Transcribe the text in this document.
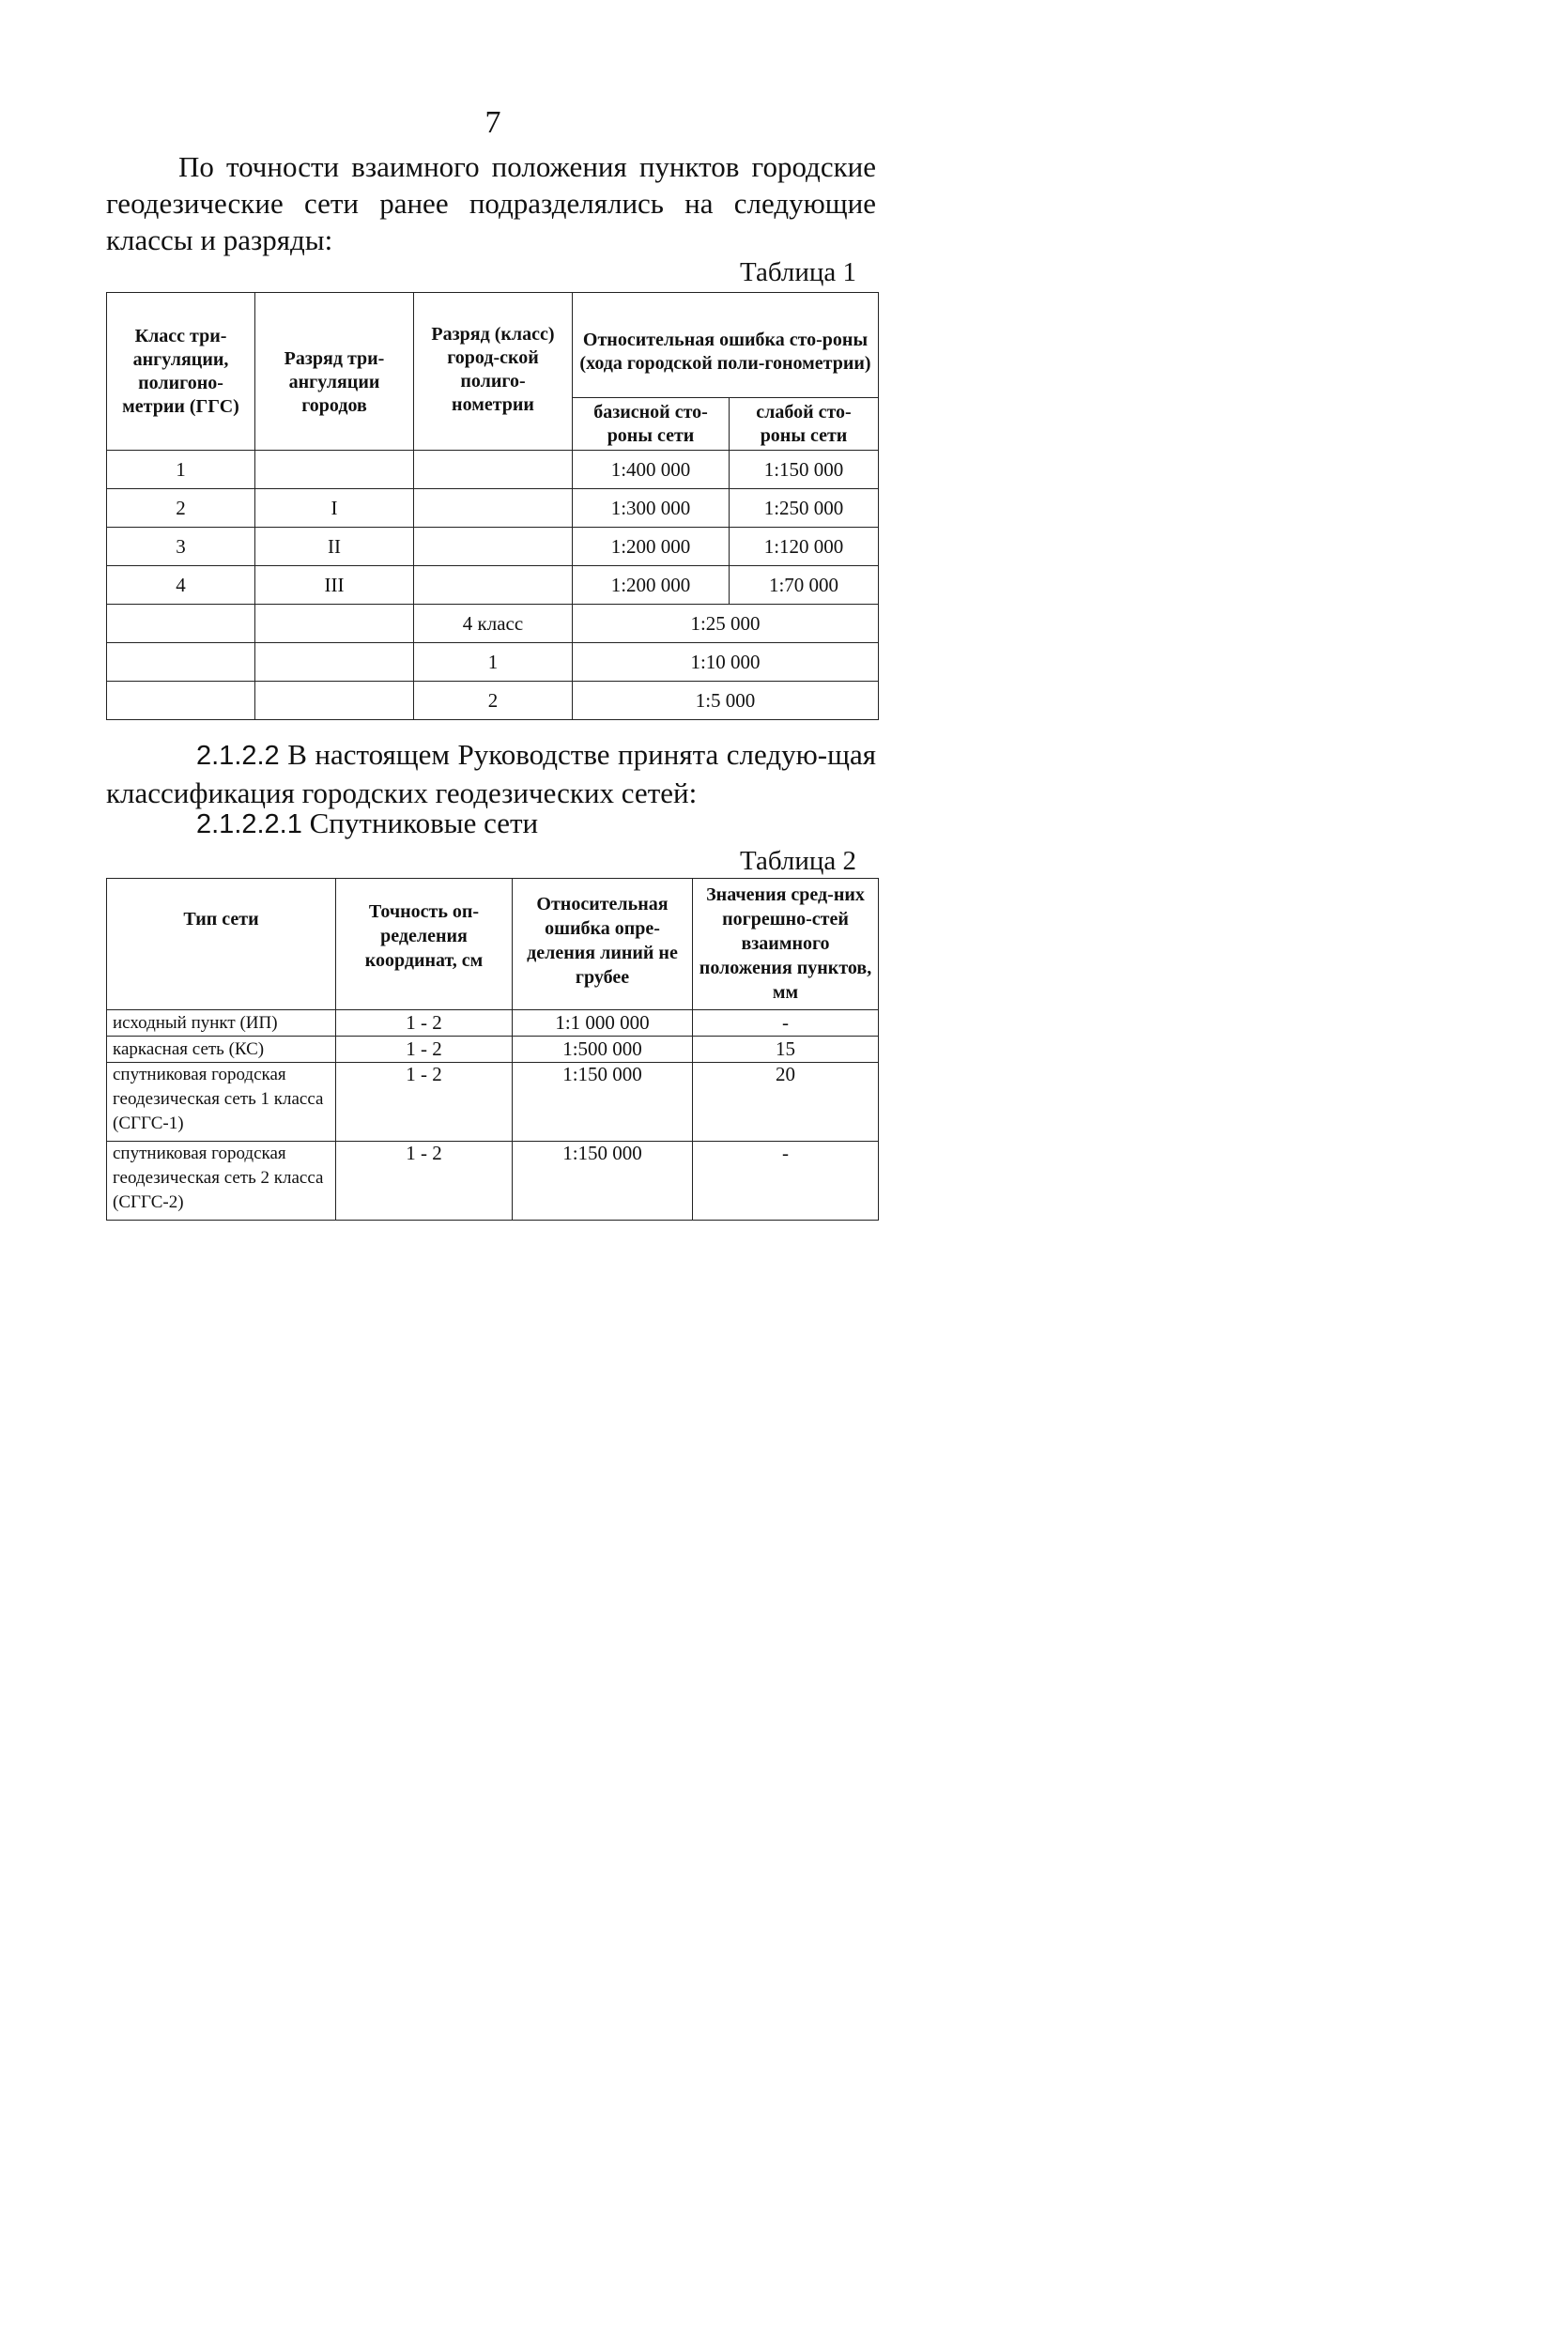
7
По точности взаимного положения пунктов городские геодезические сети ранее подразделялись на следующие классы и разряды:
Таблица 1
Класс три-ангуляции, полигоно-метрии (ГГС)	Разряд три-ангуляции городов	Разряд (класс) город-ской полиго-нометрии	Относительная ошибка сто-роны (хода городской поли-гонометрии)	
			базисной сто-роны сети	слабой сто-роны сети
1			1:400 000	1:150 000
2	I		1:300 000	1:250 000
3	II		1:200 000	1:120 000
4	III		1:200 000	1:70 000
		4 класс	1:25 000	
		1	1:10 000	
		2	1:5 000	
2.1.2.2 В настоящем Руководстве принята следую-щая классификация городских геодезических сетей:
2.1.2.2.1 Спутниковые сети
Таблица 2
Тип сети	Точность оп-ределения координат, см	Относительная ошибка опре-деления линий не грубее	Значения сред-них погрешно-стей взаимного положения пунктов, мм
исходный пункт (ИП)	1 - 2	1:1 000 000	-
каркасная сеть (КС)	1 - 2	1:500 000	15
спутниковая городская геодезическая сеть 1 класса (СГГС-1)	1 - 2	1:150 000	20
спутниковая городская геодезическая сеть 2 класса (СГГС-2)	1 - 2	1:150 000	-
